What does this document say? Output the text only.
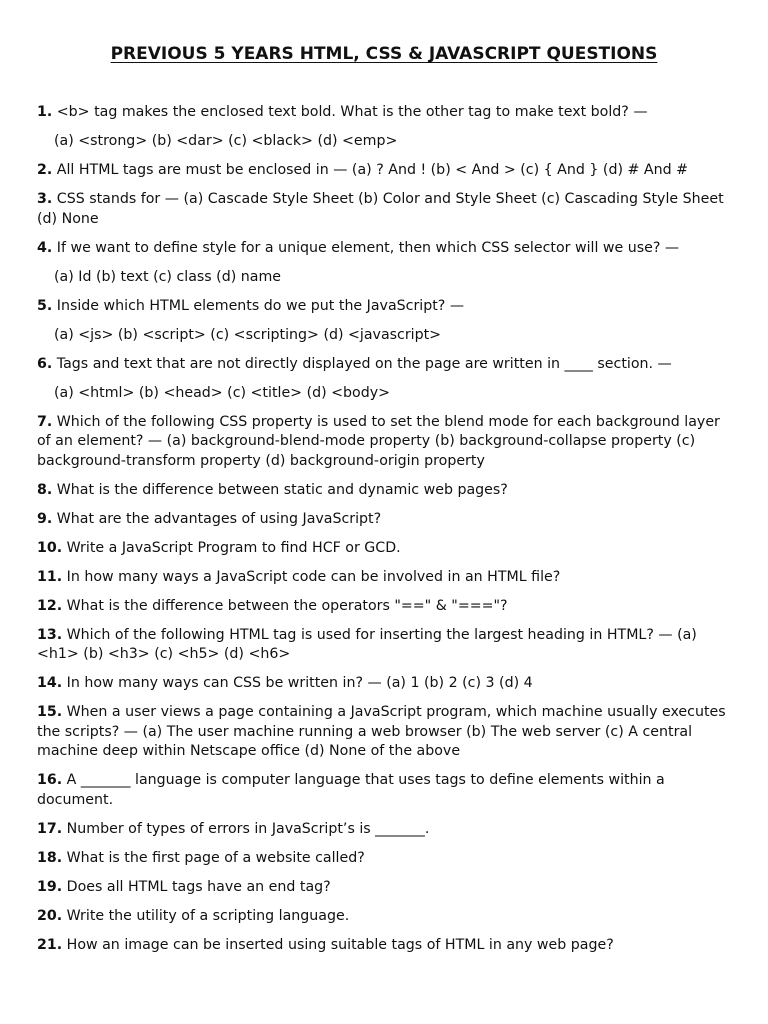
PREVIOUS 5 YEARS HTML, CSS & JAVASCRIPT QUESTIONS
1. <b> tag makes the enclosed text bold. What is the other tag to make text bold? —
(a) <strong> (b) <dar> (c) <black> (d) <emp>
2. All HTML tags are must be enclosed in — (a) ? And ! (b) < And > (c) { And } (d) # And #
3. CSS stands for — (a) Cascade Style Sheet (b) Color and Style Sheet (c) Cascading Style Sheet (d) None
4. If we want to define style for a unique element, then which CSS selector will we use? —
(a) Id (b) text (c) class (d) name
5. Inside which HTML elements do we put the JavaScript? —
(a) <js> (b) <script> (c) <scripting> (d) <javascript>
6. Tags and text that are not directly displayed on the page are written in ____ section. —
(a) <html> (b) <head> (c) <title> (d) <body>
7. Which of the following CSS property is used to set the blend mode for each background layer of an element? — (a) background-blend-mode property (b) background-collapse property (c) background-transform property (d) background-origin property
8. What is the difference between static and dynamic web pages?
9. What are the advantages of using JavaScript?
10. Write a JavaScript Program to find HCF or GCD.
11. In how many ways a JavaScript code can be involved in an HTML file?
12. What is the difference between the operators "==" & "==="?
13. Which of the following HTML tag is used for inserting the largest heading in HTML? — (a) <h1> (b) <h3> (c) <h5> (d) <h6>
14. In how many ways can CSS be written in? — (a) 1 (b) 2 (c) 3 (d) 4
15. When a user views a page containing a JavaScript program, which machine usually executes the scripts? — (a) The user machine running a web browser (b) The web server (c) A central machine deep within Netscape office (d) None of the above
16. A _______ language is computer language that uses tags to define elements within a document.
17. Number of types of errors in JavaScript’s is _______.
18. What is the first page of a website called?
19. Does all HTML tags have an end tag?
20. Write the utility of a scripting language.
21. How an image can be inserted using suitable tags of HTML in any web page?
